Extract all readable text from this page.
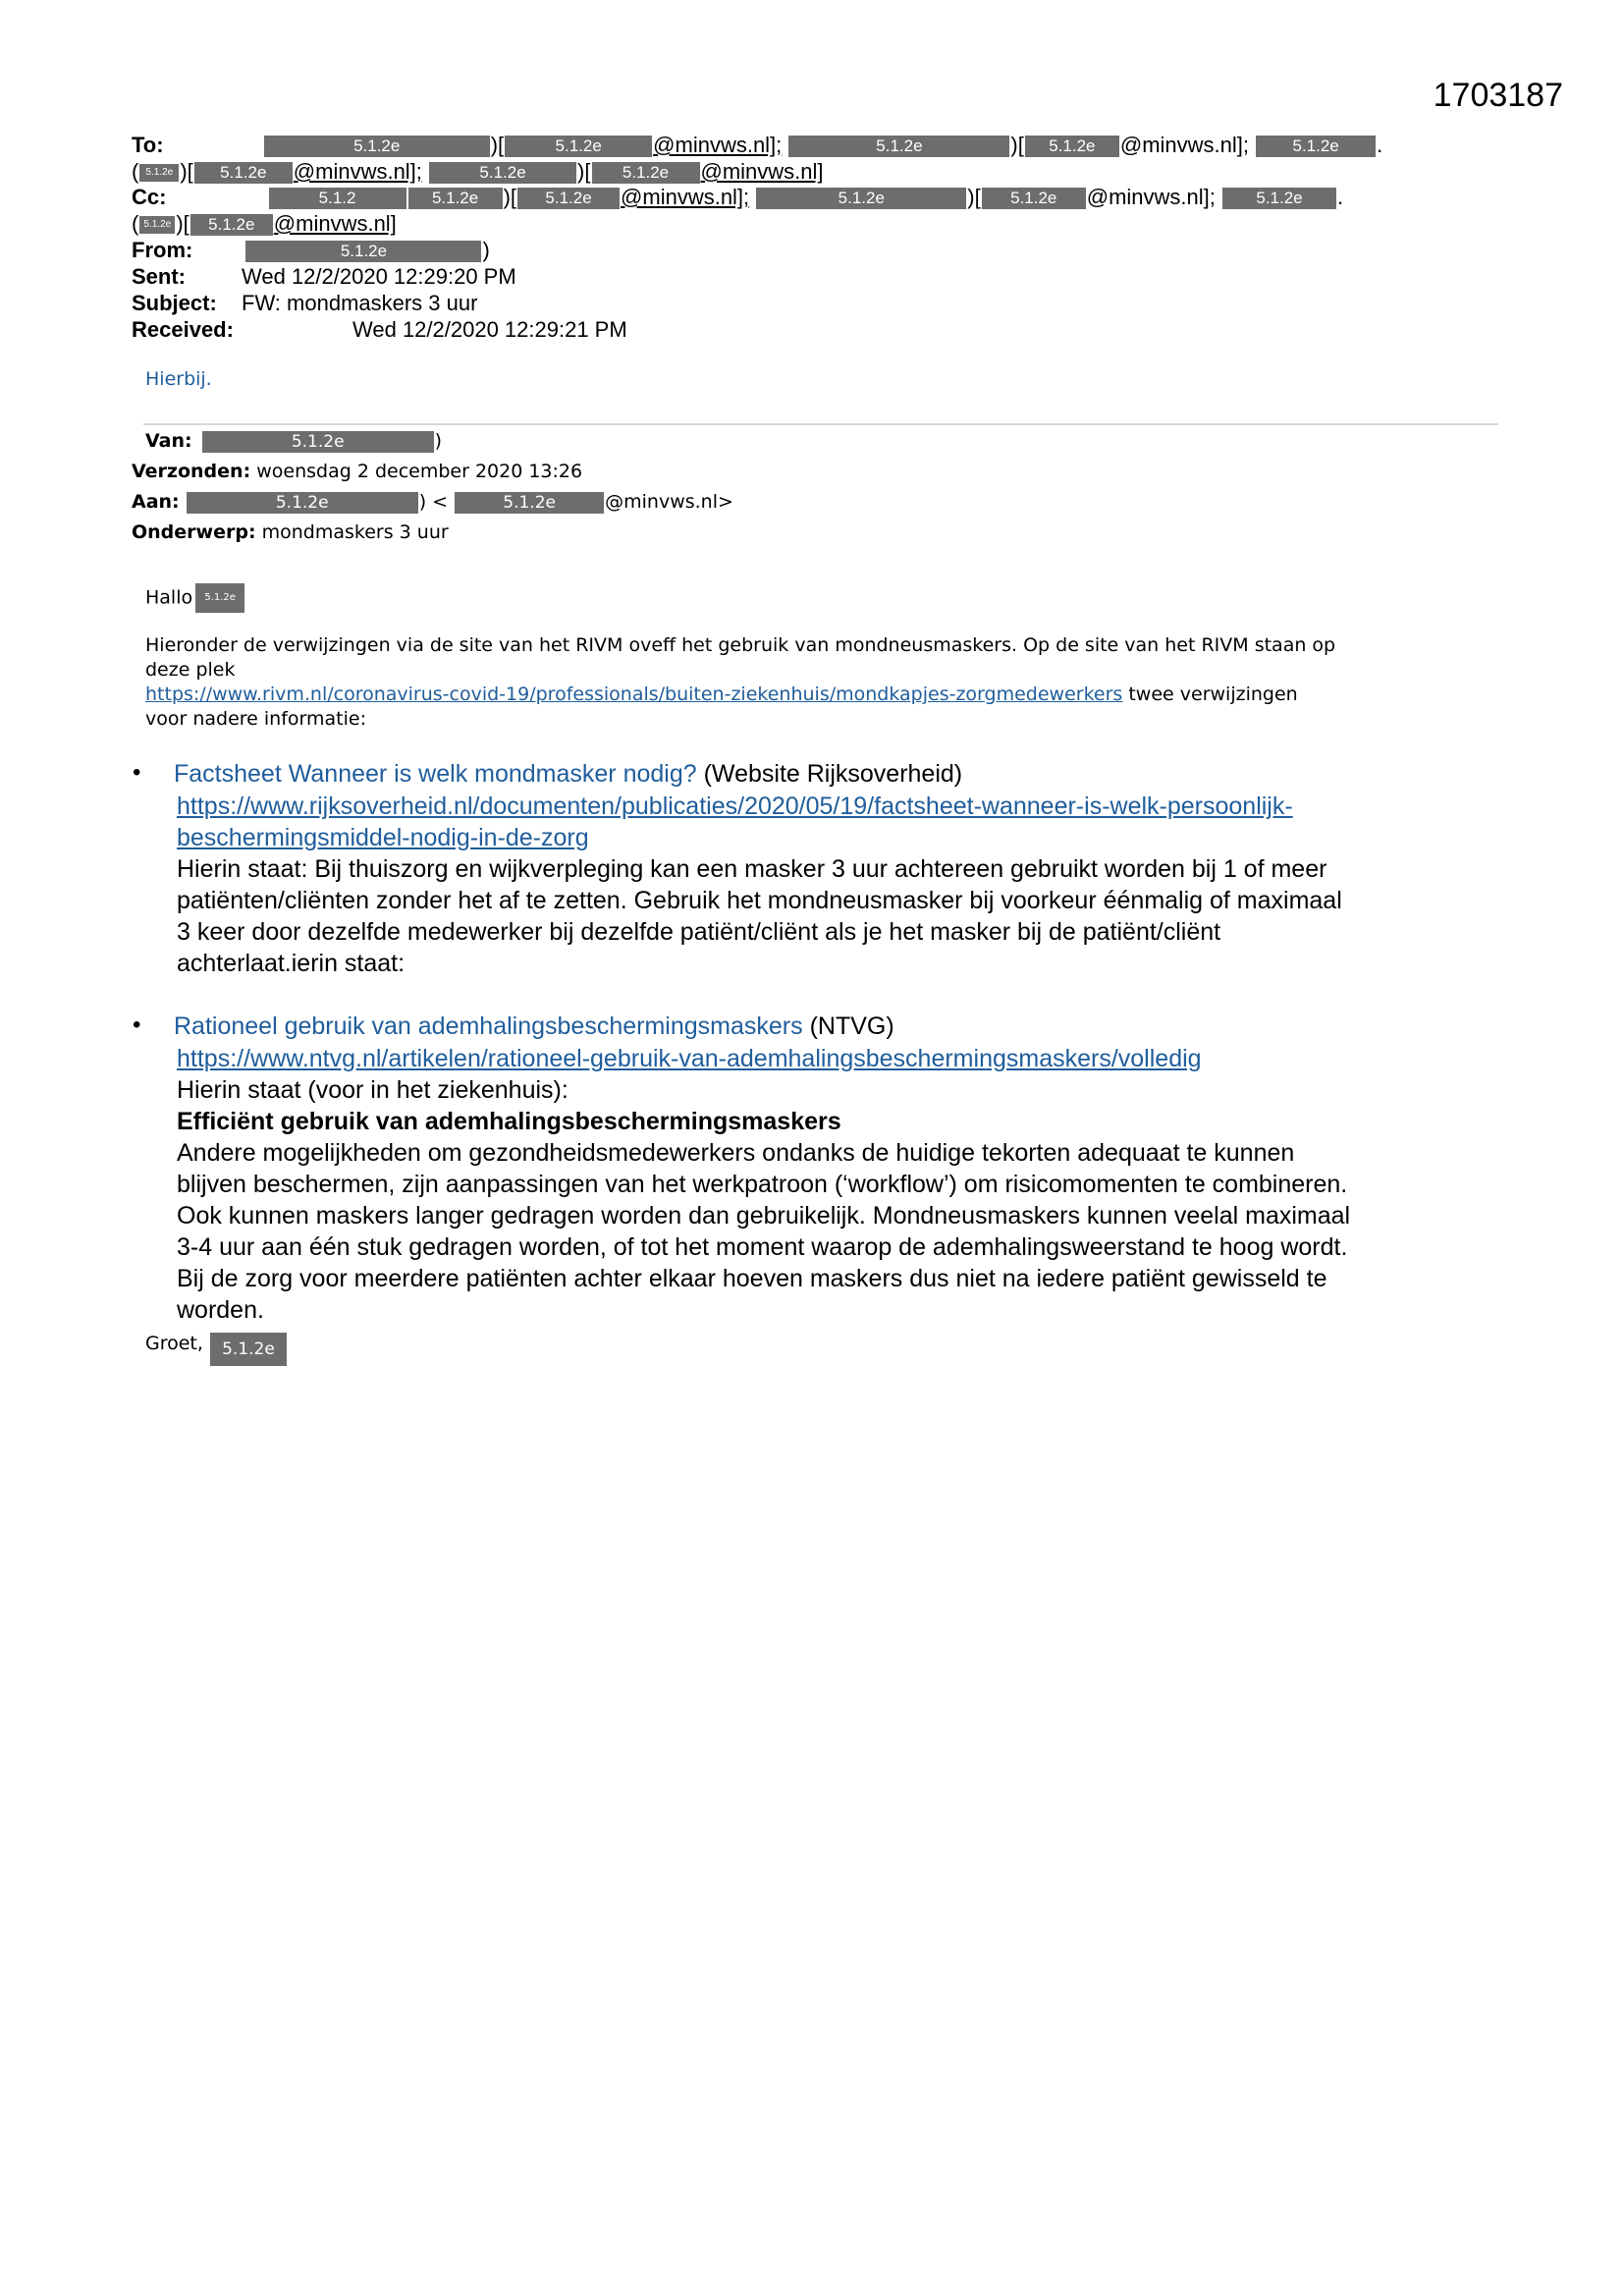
1703187
To:	5.1.2e	)[	5.1.2e @minvws.nl];	5.1.2e	)[ 5.1.2e @minvws.nl];	5.1.2e .
( 5.1.2e )[ 5.1.2e @minvws.nl];	5.1.2e )[ 5.1.2e @minvws.nl]
Cc:	5.1.2	5.1.2e )[ 5.1.2e @minvws.nl];	5.1.2e	)[ 5.1.2e @minvws.nl]; 5.1.2e .
( 5.1.2e )[ 5.1.2e @minvws.nl]
From:	5.1.2e	)
Sent:	Wed 12/2/2020 12:29:20 PM
Subject: FW: mondmaskers 3 uur
Received:	Wed 12/2/2020 12:29:21 PM
Hierbij.
Van:	5.1.2e	)
Verzonden: woensdag 2 december 2020 13:26
Aan:	5.1.2e	) <	5.1.2e	@minvws.nl>
Onderwerp: mondmaskers 3 uur
Hallo 5.1.2e
Hieronder de verwijzingen via de site van het RIVM oveff het gebruik van mondneusmaskers. Op de site van het RIVM staan op
deze plek
https://www.rivm.nl/coronavirus-covid-19/professionals/buiten-ziekenhuis/mondkapjes-zorgmedewerkers twee verwijzingen
voor nadere informatie:
• Factsheet Wanneer is welk mondmasker nodig? (Website Rijksoverheid)
https://www.rijksoverheid.nl/documenten/publicaties/2020/05/19/factsheet-wanneer-is-welk-persoonlijk-
beschermingsmiddel-nodig-in-de-zorg
Hierin staat: Bij thuiszorg en wijkverpleging kan een masker 3 uur achtereen gebruikt worden bij 1 of meer
patiënten/cliënten zonder het af te zetten. Gebruik het mondneusmasker bij voorkeur éénmalig of maximaal
3 keer door dezelfde medewerker bij dezelfde patiënt/cliënt als je het masker bij de patiënt/cliënt
achterlaat.ierin staat:
• Rationeel gebruik van ademhalingsbeschermingsmaskers (NTVG)
https://www.ntvg.nl/artikelen/rationeel-gebruik-van-ademhalingsbeschermingsmaskers/volledig
Hierin staat (voor in het ziekenhuis):
Efficiënt gebruik van ademhalingsbeschermingsmaskers
Andere mogelijkheden om gezondheidsmedewerkers ondanks de huidige tekorten adequaat te kunnen
blijven beschermen, zijn aanpassingen van het werkpatroon (‘workflow’) om risicomomenten te combineren.
Ook kunnen maskers langer gedragen worden dan gebruikelijk. Mondneusmaskers kunnen veelal maximaal
3-4 uur aan één stuk gedragen worden, of tot het moment waarop de ademhalingsweerstand te hoog wordt.
Bij de zorg voor meerdere patiënten achter elkaar hoeven maskers dus niet na iedere patiënt gewisseld te
worden.
Groet, 5.1.2e
